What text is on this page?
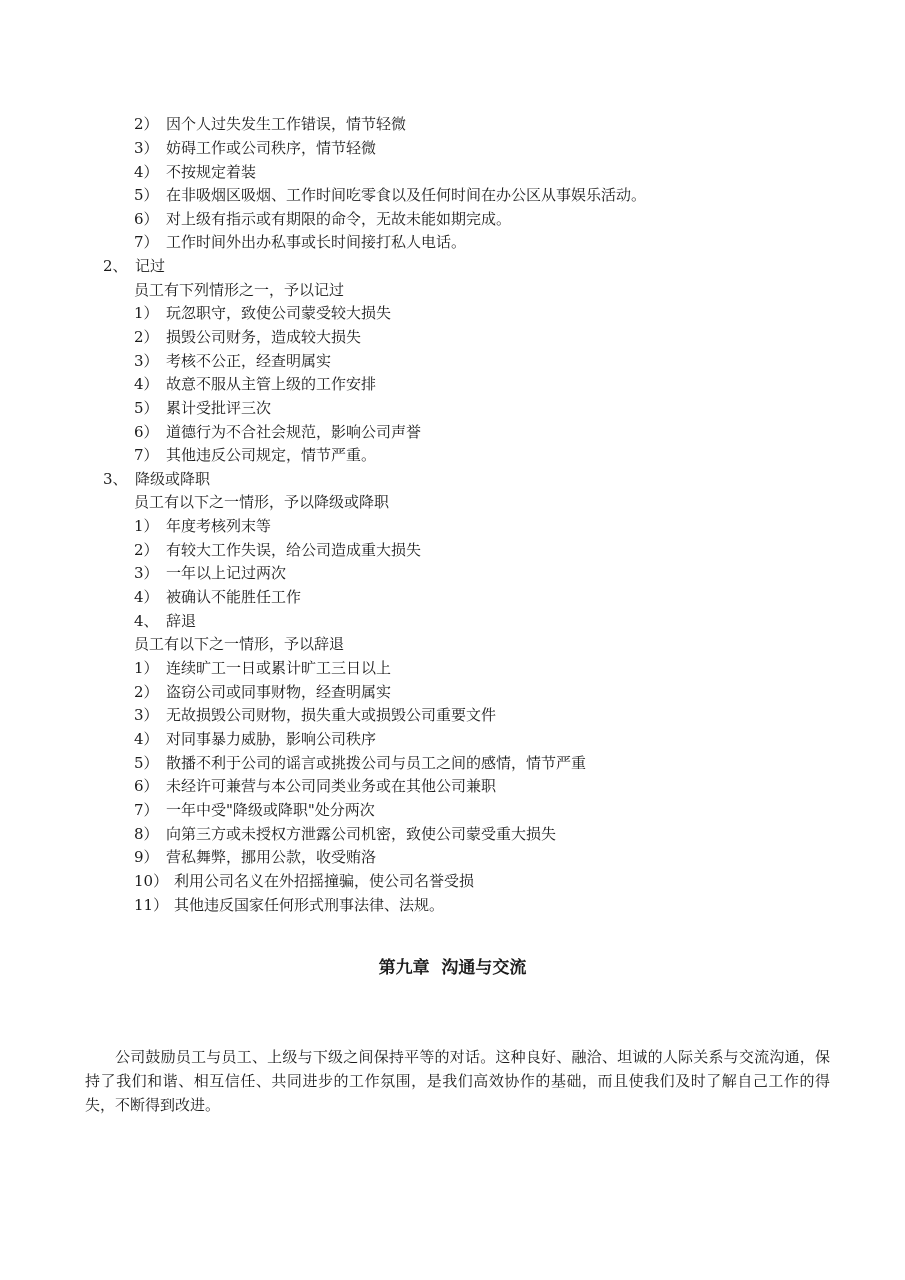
2） 因个人过失发生工作错误，情节轻微
3） 妨碍工作或公司秩序，情节轻微
4） 不按规定着装
5） 在非吸烟区吸烟、工作时间吃零食以及任何时间在办公区从事娱乐活动。
6） 对上级有指示或有期限的命令，无故未能如期完成。
7） 工作时间外出办私事或长时间接打私人电话。
2、 记过
员工有下列情形之一，予以记过
1） 玩忽职守，致使公司蒙受较大损失
2） 损毁公司财务，造成较大损失
3） 考核不公正，经查明属实
4） 故意不服从主管上级的工作安排
5） 累计受批评三次
6） 道德行为不合社会规范，影响公司声誉
7） 其他违反公司规定，情节严重。
3、 降级或降职
员工有以下之一情形，予以降级或降职
1） 年度考核列末等
2） 有较大工作失误，给公司造成重大损失
3） 一年以上记过两次
4） 被确认不能胜任工作
4、 辞退
员工有以下之一情形，予以辞退
1） 连续旷工一日或累计旷工三日以上
2） 盗窃公司或同事财物，经查明属实
3） 无故损毁公司财物，损失重大或损毁公司重要文件
4） 对同事暴力威胁，影响公司秩序
5） 散播不利于公司的谣言或挑拨公司与员工之间的感情，情节严重
6） 未经许可兼营与本公司同类业务或在其他公司兼职
7） 一年中受"降级或降职"处分两次
8） 向第三方或未授权方泄露公司机密，致使公司蒙受重大损失
9） 营私舞弊，挪用公款，收受贿洛
10） 利用公司名义在外招摇撞骗，使公司名誉受损
11） 其他违反国家任何形式刑事法律、法规。
第九章  沟通与交流
公司鼓励员工与员工、上级与下级之间保持平等的对话。这种良好、融洽、坦诚的人际关系与交流沟通，保持了我们和谐、相互信任、共同进步的工作氛围，是我们高效协作的基础，而且使我们及时了解自己工作的得失，不断得到改进。
